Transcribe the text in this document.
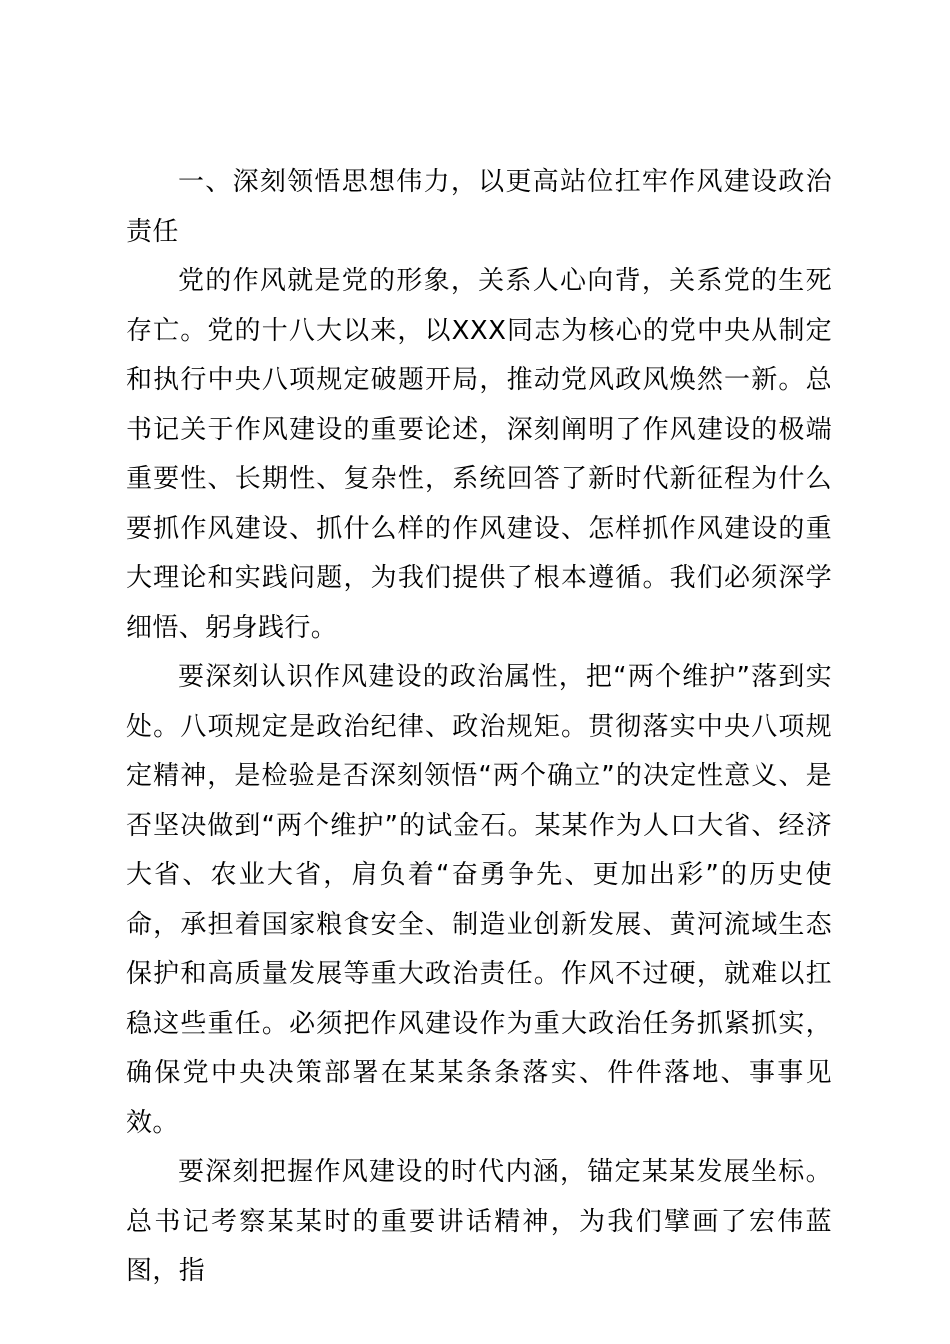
一、深刻领悟思想伟力，以更高站位扛牢作风建设政治责任

党的作风就是党的形象，关系人心向背，关系党的生死存亡。党的十八大以来，以XXX同志为核心的党中央从制定和执行中央八项规定破题开局，推动党风政风焕然一新。总书记关于作风建设的重要论述，深刻阐明了作风建设的极端重要性、长期性、复杂性，系统回答了新时代新征程为什么要抓作风建设、抓什么样的作风建设、怎样抓作风建设的重大理论和实践问题，为我们提供了根本遵循。我们必须深学细悟、躬身践行。

要深刻认识作风建设的政治属性，把“两个维护”落到实处。八项规定是政治纪律、政治规矩。贯彻落实中央八项规定精神，是检验是否深刻领悟“两个确立”的决定性意义、是否坚决做到“两个维护”的试金石。某某作为人口大省、经济大省、农业大省，肩负着“奋勇争先、更加出彩”的历史使命，承担着国家粮食安全、制造业创新发展、黄河流域生态保护和高质量发展等重大政治责任。作风不过硬，就难以扛稳这些重任。必须把作风建设作为重大政治任务抓紧抓实，确保党中央决策部署在某某条条落实、件件落地、事事见效。

要深刻把握作风建设的时代内涵，锚定某某发展坐标。总书记考察某某时的重要讲话精神，为我们擘画了宏伟蓝图，指
